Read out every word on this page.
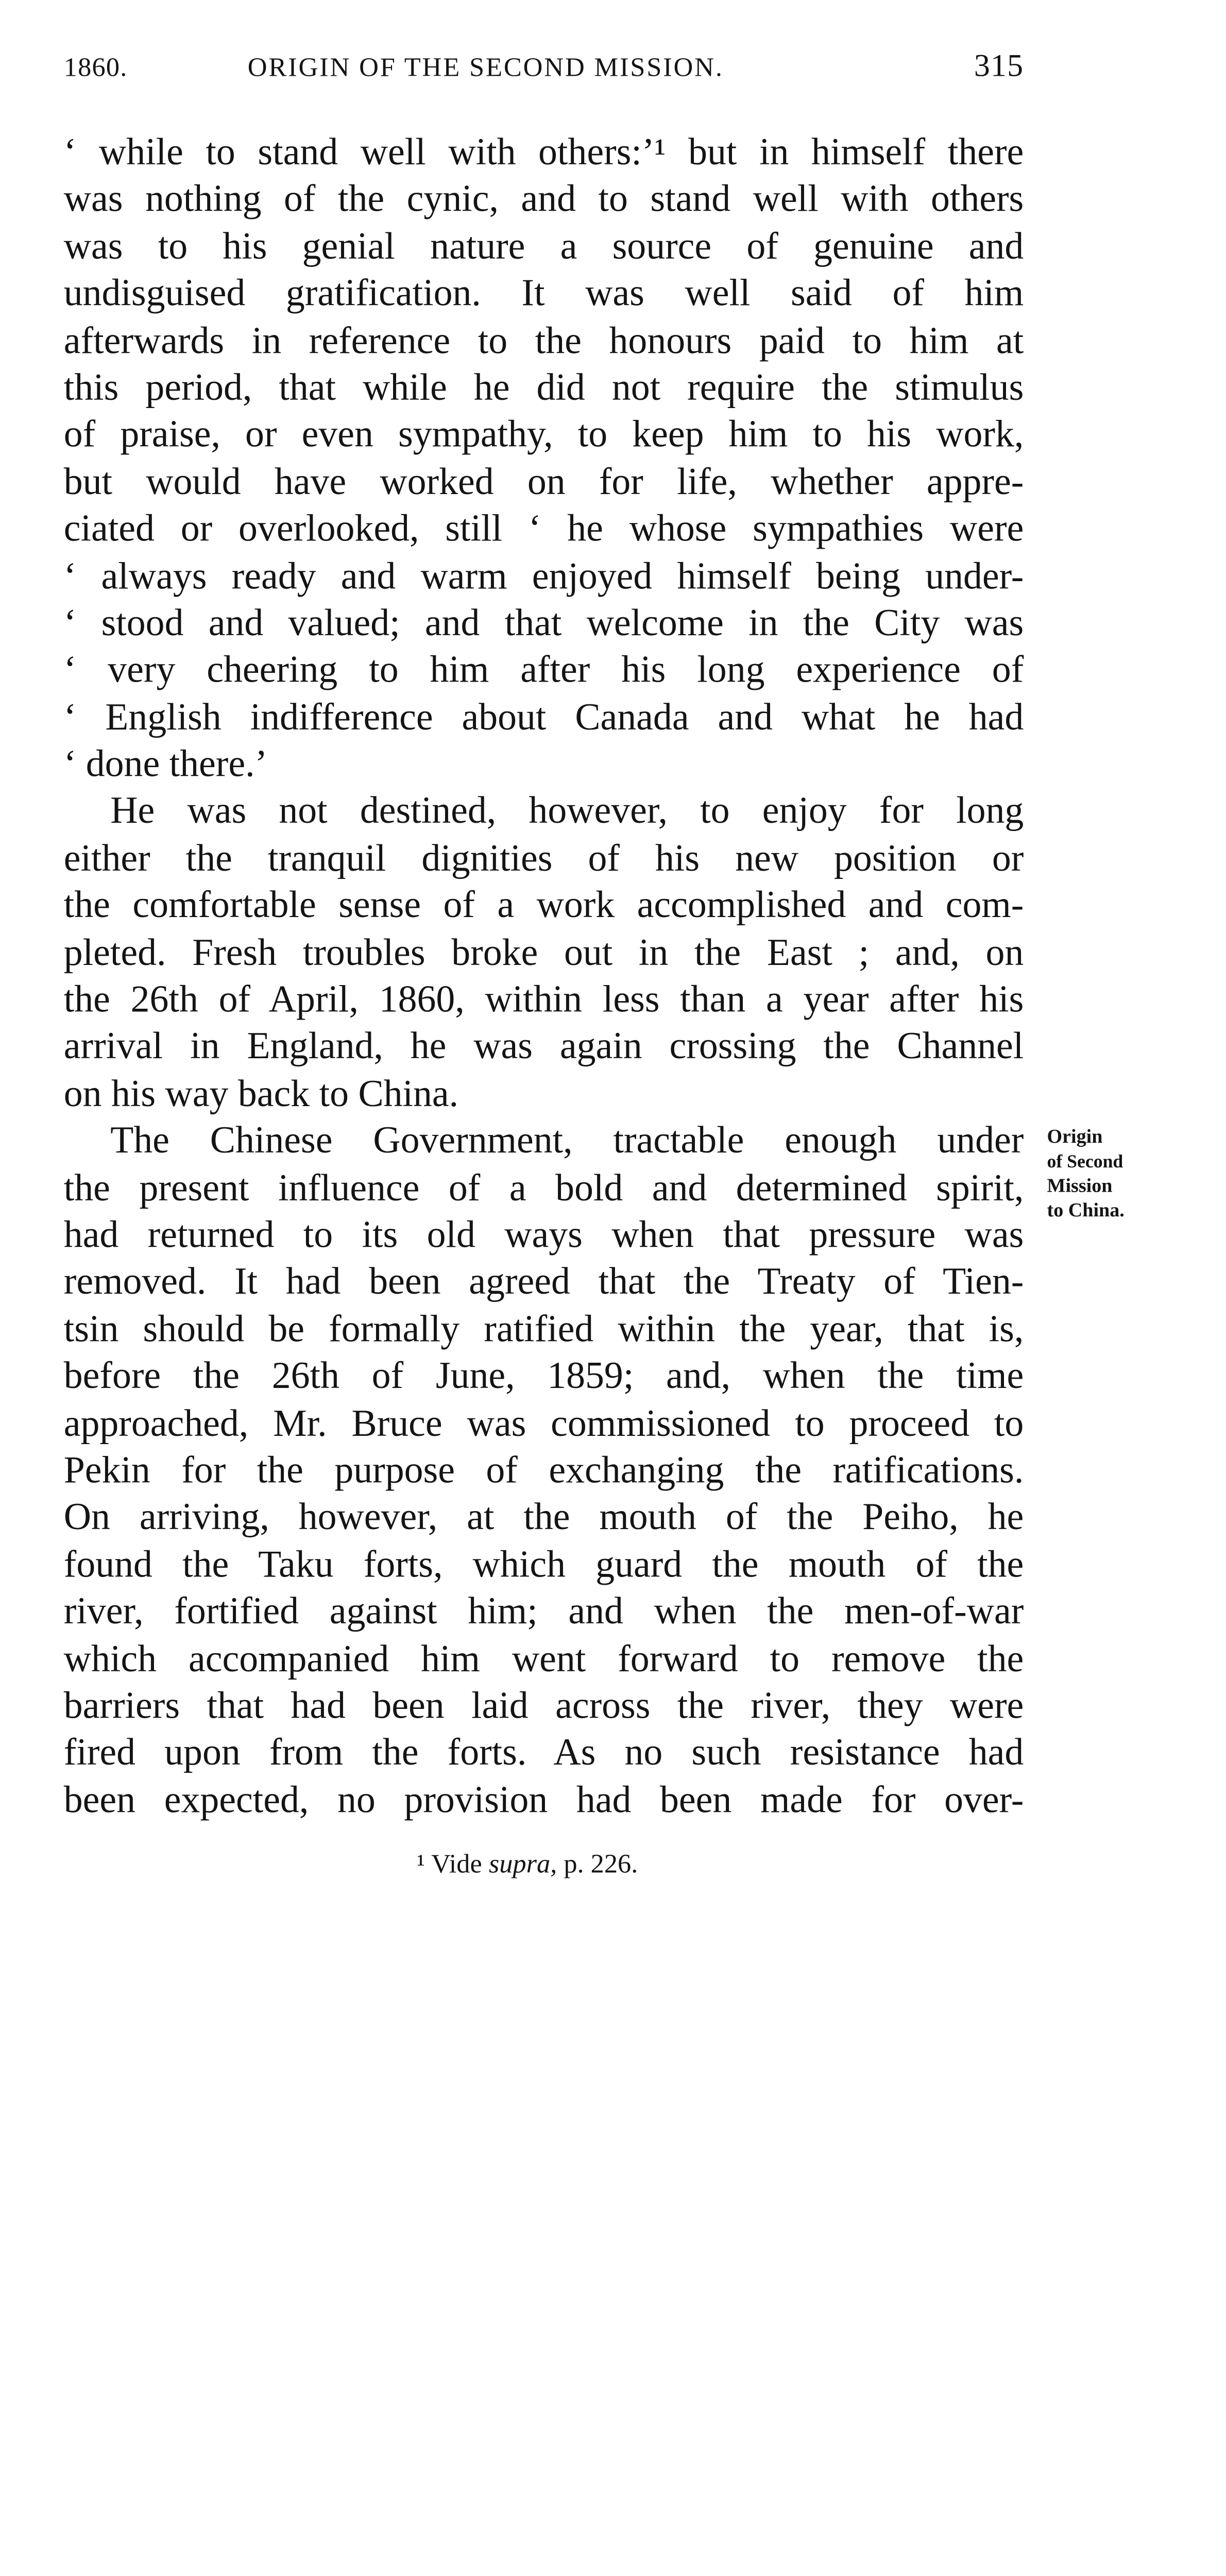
1860.	ORIGIN OF THE SECOND MISSION.	315
‘ while to stand well with others:’¹ but in himself there
was nothing of the cynic, and to stand well with others
was to his genial nature a source of genuine and
undisguised gratification. It was well said of him
afterwards in reference to the honours paid to him at
this period, that while he did not require the stimulus
of praise, or even sympathy, to keep him to his work,
but would have worked on for life, whether appre-
ciated or overlooked, still ‘ he whose sympathies were
‘ always ready and warm enjoyed himself being under-
‘ stood and valued; and that welcome in the City was
‘ very cheering to him after his long experience of
‘ English indifference about Canada and what he had
‘ done there.’
He was not destined, however, to enjoy for long
either the tranquil dignities of his new position or
the comfortable sense of a work accomplished and com-
pleted. Fresh troubles broke out in the East ; and, on
the 26th of April, 1860, within less than a year after his
arrival in England, he was again crossing the Channel
on his way back to China.
The Chinese Government, tractable enough under
the present influence of a bold and determined spirit,
had returned to its old ways when that pressure was
removed. It had been agreed that the Treaty of Tien-
tsin should be formally ratified within the year, that is,
before the 26th of June, 1859; and, when the time
approached, Mr. Bruce was commissioned to proceed to
Pekin for the purpose of exchanging the ratifications.
On arriving, however, at the mouth of the Peiho, he
found the Taku forts, which guard the mouth of the
river, fortified against him; and when the men-of-war
which accompanied him went forward to remove the
barriers that had been laid across the river, they were
fired upon from the forts. As no such resistance had
been expected, no provision had been made for over-
Origin
of Second
Mission
to China.
¹ Vide supra, p. 226.
